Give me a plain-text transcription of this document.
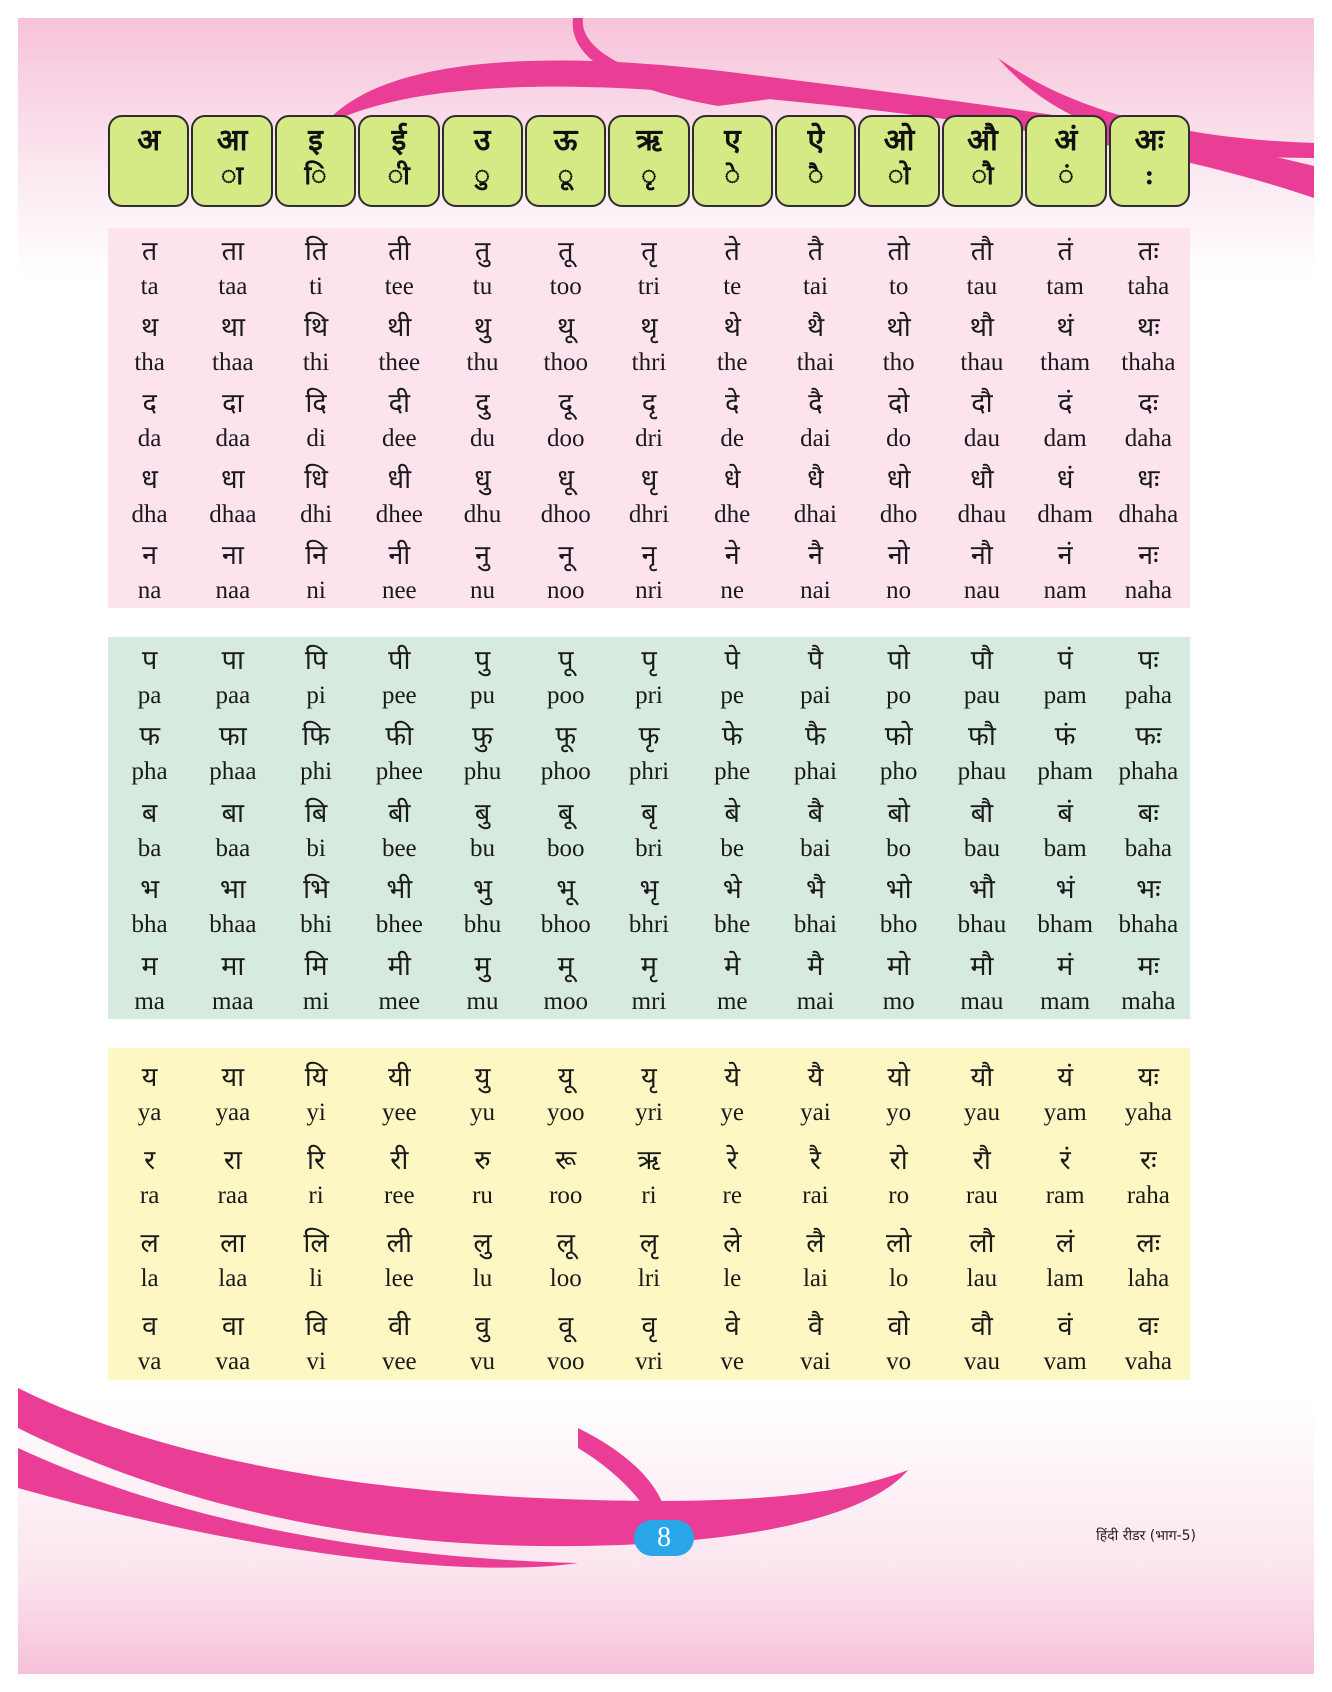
अ आ
ा
इ
ि
ई
ी
उ
ु
ऊ
ू
ऋ
ृ
ए
े
ऐ
ै
ओ
ो
औ
ौ
अं
ं
अः
:
त
ta
ता
taa
ति
ti
ती
tee
तु
tu
तू
too
तृ
tri
ते
te
तै
tai
तो
to
तौ
tau
तं
tam
तः
taha
थ
tha
था
thaa
थि
thi
थी
thee
थु
thu
थू
thoo
थृ
thri
थे
the
थै
thai
थो
tho
थौ
thau
थं
tham
थः
thaha
द
da
दा
daa
दि
di
दी
dee
दु
du
दू
doo
दृ
dri
दे
de
दै
dai
दो
do
दौ
dau
दं
dam
दः
daha
ध
dha
धा
dhaa
धि
dhi
धी
dhee
धु
dhu
धू
dhoo
धृ
dhri
धे
dhe
धै
dhai
धो
dho
धौ
dhau
धं
dham
धः
dhaha
न
na
ना
naa
नि
ni
नी
nee
नु
nu
नू
noo
नृ
nri
ने
ne
नै
nai
नो
no
नौ
nau
नं
nam
नः
naha
प
pa
पा
paa
पि
pi
पी
pee
पु
pu
पू
poo
पृ
pri
पे
pe
पै
pai
पो
po
पौ
pau
पं
pam
पः
paha
फ
pha
फा
phaa
फि
phi
फी
phee
फु
phu
फू
phoo
फृ
phri
फे
phe
फै
phai
फो
pho
फौ
phau
फं
pham
फः
phaha
ब
ba
बा
baa
बि
bi
बी
bee
बु
bu
बू
boo
बृ
bri
बे
be
बै
bai
बो
bo
बौ
bau
बं
bam
बः
baha
भ
bha
भा
bhaa
भि
bhi
भी
bhee
भु
bhu
भू
bhoo
भृ
bhri
भे
bhe
भै
bhai
भो
bho
भौ
bhau
भं
bham
भः
bhaha
म
ma
मा
maa
मि
mi
मी
mee
मु
mu
मू
moo
मृ
mri
मे
me
मै
mai
मो
mo
मौ
mau
मं
mam
मः
maha
य
ya
या
yaa
यि
yi
यी
yee
यु
yu
यू
yoo
यृ
yri
ये
ye
यै
yai
यो
yo
यौ
yau
यं
yam
यः
yaha
र
ra
रा
raa
रि
ri
री
ree
रु
ru
रू
roo
ऋ
ri
रे
re
रै
rai
रो
ro
रौ
rau
रं
ram
रः
raha
ल
la
ला
laa
लि
li
ली
lee
लु
lu
लू
loo
लृ
lri
ले
le
लै
lai
लो
lo
लौ
lau
लं
lam
लः
laha
व
va
वा
vaa
वि
vi
वी
vee
वु
vu
वू
voo
वृ
vri
वे
ve
वै
vai
वो
vo
वौ
vau
वं
vam
वः
vaha
8	हिंदी रीडर (भाग-5)
